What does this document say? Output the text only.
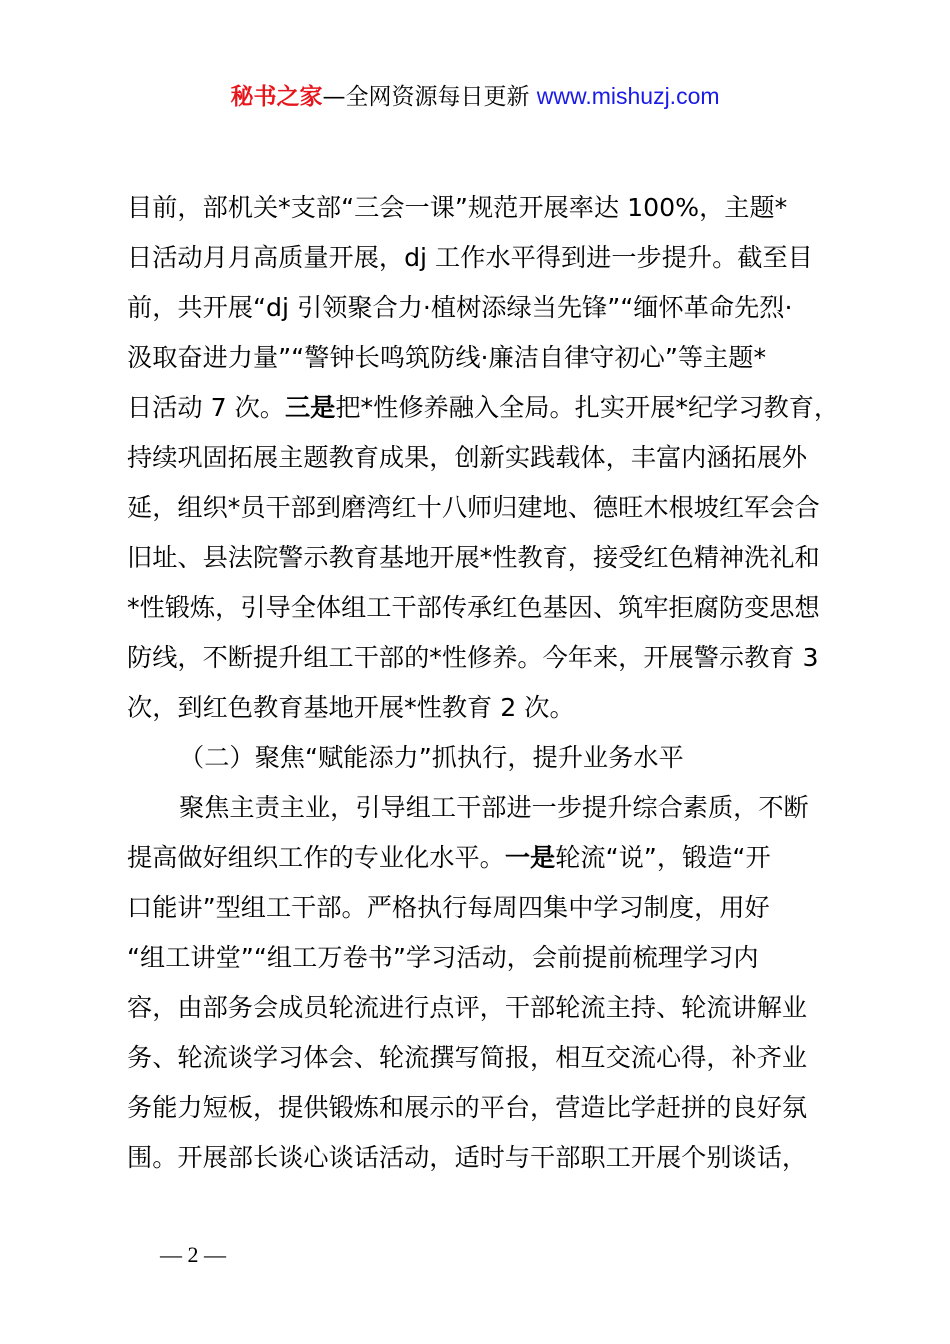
秘书之家—全网资源每日更新 www.mishuzj.com
目前，部机关*支部“三会一课”规范开展率达 100%，主题*
日活动月月高质量开展，dj 工作水平得到进一步提升。截至目
前，共开展“dj 引领聚合力·植树添绿当先锋”“缅怀革命先烈·
汲取奋进力量”“警钟长鸣筑防线·廉洁自律守初心”等主题*
日活动 7 次。三是把*性修养融入全局。扎实开展*纪学习教育，
持续巩固拓展主题教育成果，创新实践载体，丰富内涵拓展外
延，组织*员干部到磨湾红十八师归建地、德旺木根坡红军会合
旧址、县法院警示教育基地开展*性教育，接受红色精神洗礼和
*性锻炼，引导全体组工干部传承红色基因、筑牢拒腐防变思想
防线，不断提升组工干部的*性修养。今年来，开展警示教育 3
次，到红色教育基地开展*性教育 2 次。
（二）聚焦“赋能添力”抓执行，提升业务水平
聚焦主责主业，引导组工干部进一步提升综合素质，不断
提高做好组织工作的专业化水平。一是轮流“说”，锻造“开
口能讲”型组工干部。严格执行每周四集中学习制度，用好
“组工讲堂”“组工万卷书”学习活动，会前提前梳理学习内
容，由部务会成员轮流进行点评，干部轮流主持、轮流讲解业
务、轮流谈学习体会、轮流撰写简报，相互交流心得，补齐业
务能力短板，提供锻炼和展示的平台，营造比学赶拼的良好氛
围。开展部长谈心谈话活动，适时与干部职工开展个别谈话，
— 2 —
